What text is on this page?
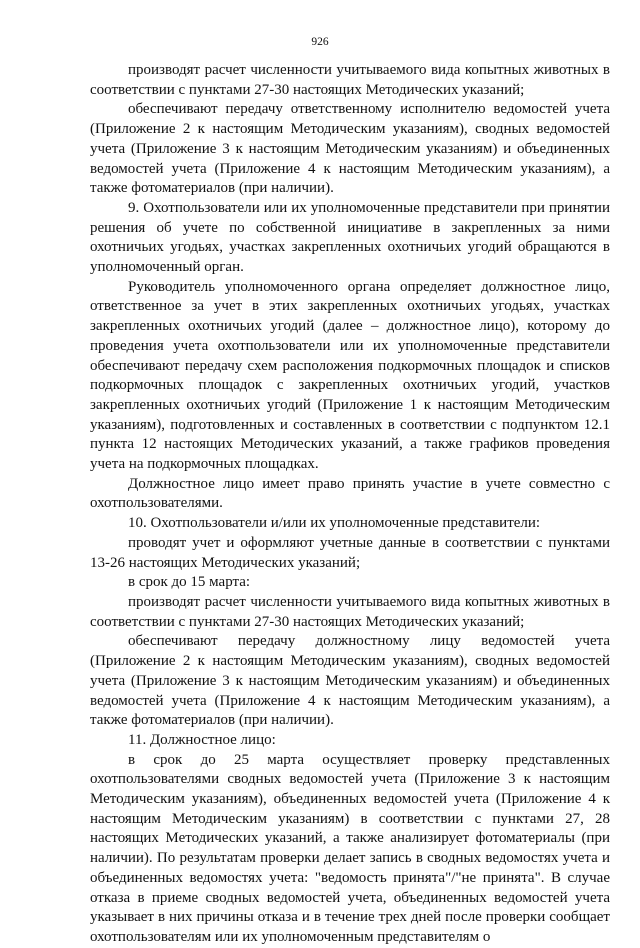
926

производят расчет численности учитываемого вида копытных животных в соответствии с пунктами 27-30 настоящих Методических указаний;

обеспечивают передачу ответственному исполнителю ведомостей учета (Приложение 2 к настоящим Методическим указаниям), сводных ведомостей учета (Приложение 3 к настоящим Методическим указаниям) и объединенных ведомостей учета (Приложение 4 к настоящим Методическим указаниям), а также фотоматериалов (при наличии).

9. Охотпользователи или их уполномоченные представители при принятии решения об учете по собственной инициативе в закрепленных за ними охотничьих угодьях, участках закрепленных охотничьих угодий обращаются в уполномоченный орган.

Руководитель уполномоченного органа определяет должностное лицо, ответственное за учет в этих закрепленных охотничьих угодьях, участках закрепленных охотничьих угодий (далее – должностное лицо), которому до проведения учета охотпользователи или их уполномоченные представители обеспечивают передачу схем расположения подкормочных площадок и списков подкормочных площадок с закрепленных охотничьих угодий, участков закрепленных охотничьих угодий (Приложение 1 к настоящим Методическим указаниям), подготовленных и составленных в соответствии с подпунктом 12.1 пункта 12 настоящих Методических указаний, а также графиков проведения учета на подкормочных площадках.

Должностное лицо имеет право принять участие в учете совместно с охотпользователями.

10. Охотпользователи и/или их уполномоченные представители:

проводят учет и оформляют учетные данные в соответствии с пунктами 13-26 настоящих Методических указаний;

в срок до 15 марта:

производят расчет численности учитываемого вида копытных животных в соответствии с пунктами 27-30 настоящих Методических указаний;

обеспечивают передачу должностному лицу ведомостей учета (Приложение 2 к настоящим Методическим указаниям), сводных ведомостей учета (Приложение 3 к настоящим Методическим указаниям) и объединенных ведомостей учета (Приложение 4 к настоящим Методическим указаниям), а также фотоматериалов (при наличии).

11. Должностное лицо:

в срок до 25 марта осуществляет проверку представленных охотпользователями сводных ведомостей учета (Приложение 3 к настоящим Методическим указаниям), объединенных ведомостей учета (Приложение 4 к настоящим Методическим указаниям) в соответствии с пунктами 27, 28 настоящих Методических указаний, а также анализирует фотоматериалы (при наличии). По результатам проверки делает запись в сводных ведомостях учета и объединенных ведомостях учета: "ведомость принята"/"не принята". В случае отказа в приеме сводных ведомостей учета, объединенных ведомостей учета указывает в них причины отказа и в течение трех дней после проверки сообщает охотпользователям или их уполномоченным представителям о
